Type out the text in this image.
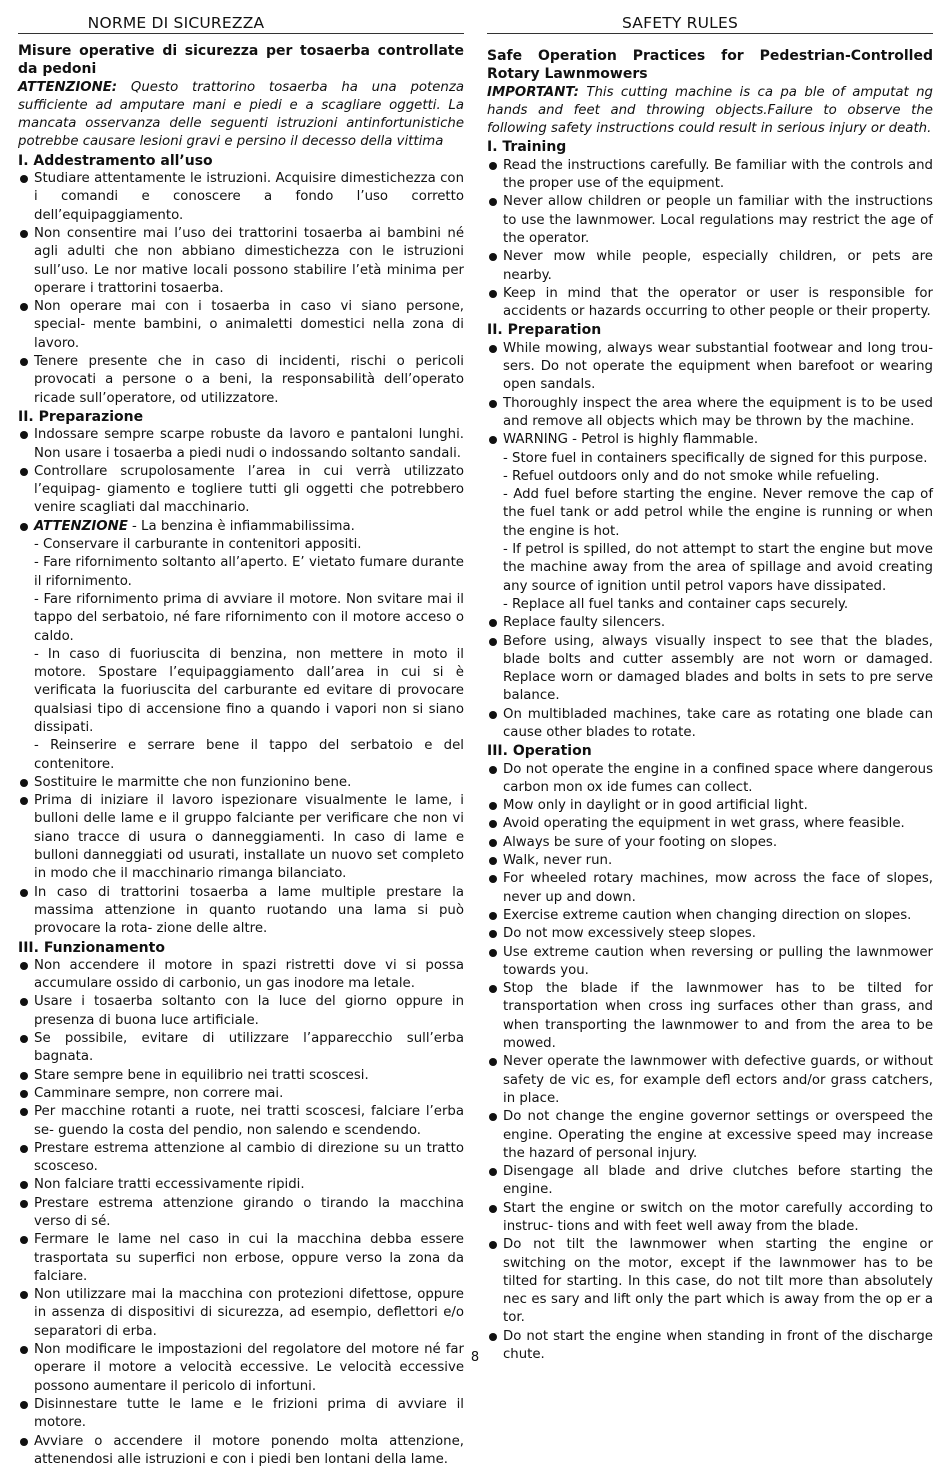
NORME DI SICUREZZA

Misure operative di sicurezza per tosaerba controllate da pedoni

ATTENZIONE: Questo trattorino tosaerba ha una potenza sufficiente ad amputare mani e piedi e a scagliare oggetti. La mancata osservanza delle seguenti istruzioni antinfortunistiche potrebbe causare lesioni gravi e persino il decesso della vittima

I. Addestramento all’uso

Studiare attentamente le istruzioni. Acquisire dimestichezza con i comandi e conoscere a fondo l’uso corretto dell’equipaggiamento.

Non consentire mai l’uso dei trattorini tosaerba ai bambini né agli adulti che non abbiano dimestichezza con le istruzioni sull’uso. Le nor mative locali possono stabilire l’età minima per operare i trattorini tosaerba.

Non operare mai con i tosaerba in caso vi siano persone, special- mente bambini, o animaletti domestici nella zona di lavoro.

Tenere presente che in caso di incidenti, rischi o pericoli provocati a persone o a beni, la responsabilità dell’operato ricade sull’operatore, od utilizzatore.

II. Preparazione

Indossare sempre scarpe robuste da lavoro e pantaloni lunghi. Non usare i tosaerba a piedi nudi o indossando soltanto sandali.

Controllare scrupolosamente l’area in cui verrà utilizzato l’equipag- giamento e togliere tutti gli oggetti che potrebbero venire scagliati dal macchinario.

ATTENZIONE - La benzina è infiammabilissima.

- Conservare il carburante in contenitori appositi.

- Fare rifornimento soltanto all’aperto. E’ vietato fumare durante il rifornimento.

- Fare rifornimento prima di avviare il motore. Non svitare mai il tappo del serbatoio, né fare rifornimento con il motore acceso o caldo.

- In caso di fuoriuscita di benzina, non mettere in moto il motore. Spostare l’equipaggiamento dall’area in cui si è verificata la fuoriuscita del carburante ed evitare di provocare qualsiasi tipo di accensione fino a quando i vapori non si siano dissipati.

- Reinserire e serrare bene il tappo del serbatoio e del contenitore.

Sostituire le marmitte che non funzionino bene.

Prima di iniziare il lavoro ispezionare visualmente le lame, i bulloni delle lame e il gruppo falciante per verificare che non vi siano tracce di usura o danneggiamenti. In caso di lame e bulloni danneggiati od usurati, installate un nuovo set completo in modo che il macchinario rimanga bilanciato.

In caso di trattorini tosaerba a lame multiple prestare la massima attenzione in quanto ruotando una lama si può provocare la rota- zione delle altre.

III. Funzionamento

Non accendere il motore in spazi ristretti dove vi si possa accumulare ossido di carbonio, un gas inodore ma letale.

Usare i tosaerba soltanto con la luce del giorno oppure in presenza di buona luce artificiale.

Se possibile, evitare di utilizzare l’apparecchio sull’erba bagnata.

Stare sempre bene in equilibrio nei tratti scoscesi.

Camminare sempre, non correre mai.

Per macchine rotanti a ruote, nei tratti scoscesi, falciare l’erba se- guendo la costa del pendio, non salendo e scendendo.

Prestare estrema attenzione al cambio di direzione su un tratto scosceso.

Non falciare tratti eccessivamente ripidi.

Prestare estrema attenzione girando o tirando la macchina verso di sé.

Fermare le lame nel caso in cui la macchina debba essere trasportata su superfici non erbose, oppure verso la zona da falciare.

Non utilizzare mai la macchina con protezioni difettose, oppure in assenza di dispositivi di sicurezza, ad esempio, deflettori e/o separatori di erba.

Non modificare le impostazioni del regolatore del motore né far operare il motore a velocità eccessive. Le velocità eccessive possono aumentare il pericolo di infortuni.

Disinnestare tutte le lame e le frizioni prima di avviare il motore.

Avviare o accendere il motore ponendo molta attenzione, attenendosi alle istruzioni e con i piedi ben lontani della lame.

SAFETY RULES

Safe Operation Practices for Pedestrian-Controlled Rotary Lawnmowers

IMPORTANT: This cutting machine is ca pa ble of amputat ng hands and feet and throwing objects.Failure to observe the following safety instructions could result in serious injury or death.

I. Training

Read the instructions carefully. Be familiar with the controls and the proper use of the equipment.

Never allow children or people un familiar with the instructions to use the lawnmower. Local regulations may restrict the age of the operator.

Never mow while people, especially children, or pets are nearby.

Keep in mind that the operator or user is responsible for accidents or hazards occurring to other people or their property.

II. Preparation

While mowing, always wear substantial footwear and long trou- sers. Do not operate the equipment when barefoot or wearing open sandals.

Thoroughly inspect the area where the equipment is to be used and remove all objects which may be thrown by the machine.

WARNING - Petrol is highly flammable.

- Store fuel in containers specifically de signed for this purpose.

- Refuel outdoors only and do not smoke while refueling.

- Add fuel before starting the engine. Never remove the cap of the fuel tank or add petrol while the engine is running or when the engine is hot.

- If petrol is spilled, do not attempt to start the engine but move the machine away from the area of spillage and avoid creating any source of ignition until petrol vapors have dissipated.

- Replace all fuel tanks and container caps securely.

Replace faulty silencers.

Before using, always visually inspect to see that the blades, blade bolts and cutter assembly are not worn or damaged. Replace worn or damaged blades and bolts in sets to pre serve balance.

On multibladed machines, take care as rotating one blade can cause other blades to rotate.

III. Operation

Do not operate the engine in a confined space where dangerous carbon mon ox ide fumes can collect.

Mow only in daylight or in good artificial light.

Avoid operating the equipment in wet grass, where feasible.

Always be sure of your footing on slopes.

Walk, never run.

For wheeled rotary machines, mow across the face of slopes, never up and down.

Exercise extreme caution when changing direction on slopes.

Do not mow excessively steep slopes.

Use extreme caution when reversing or pulling the lawnmower towards you.

Stop the blade if the lawnmower has to be tilted for transportation when cross ing surfaces other than grass, and when transporting the lawnmower to and from the area to be mowed.

Never operate the lawnmower with defective guards, or without safety de vic es, for example defl ectors and/or grass catchers, in place.

Do not change the engine governor settings or overspeed the engine. Operating the engine at excessive speed may increase the hazard of personal injury.

Disengage all blade and drive clutches before starting the engine.

Start the engine or switch on the motor carefully according to instruc- tions and with feet well away from the blade.

Do not tilt the lawnmower when starting the engine or switching on the motor, except if the lawnmower has to be tilted for starting. In this case, do not tilt more than absolutely nec es sary and lift only the part which is away from the op er a tor.

Do not start the engine when standing in front of the discharge chute.

8
